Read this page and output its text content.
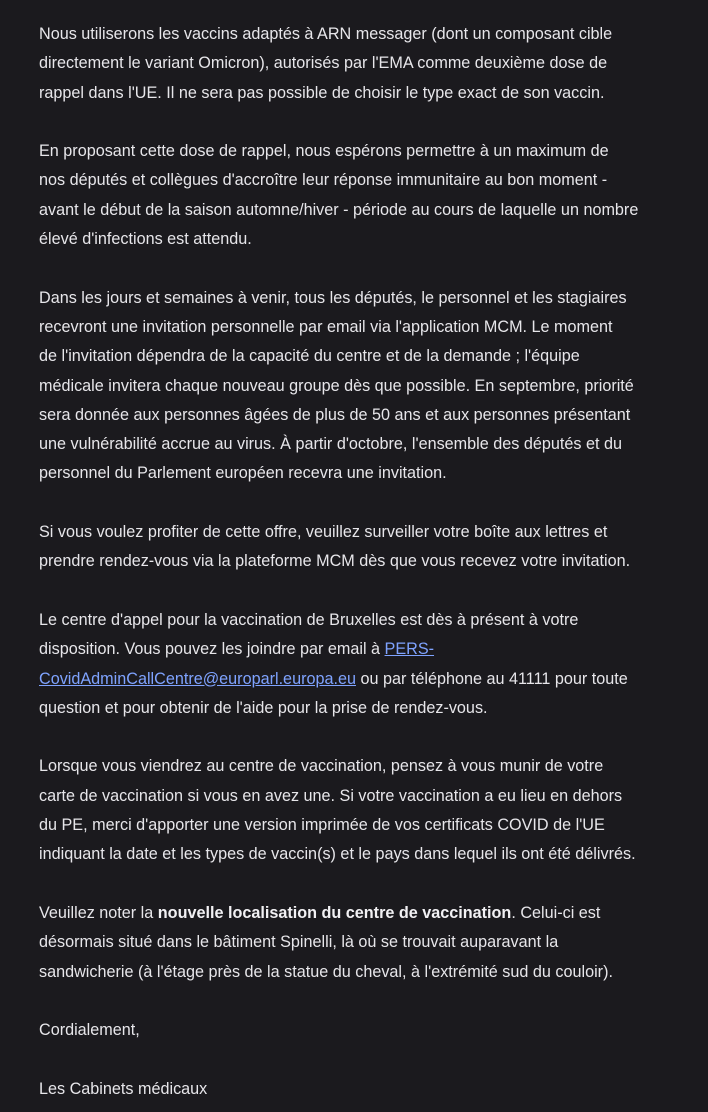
Nous utiliserons les vaccins adaptés à ARN messager (dont un composant cible
directement le variant Omicron), autorisés par l'EMA comme deuxième dose de
rappel dans l'UE. Il ne sera pas possible de choisir le type exact de son vaccin.

En proposant cette dose de rappel, nous espérons permettre à un maximum de
nos députés et collègues d'accroître leur réponse immunitaire au bon moment -
avant le début de la saison automne/hiver - période au cours de laquelle un nombre
élevé d'infections est attendu.

Dans les jours et semaines à venir, tous les députés, le personnel et les stagiaires
recevront une invitation personnelle par email via l'application MCM. Le moment
de l'invitation dépendra de la capacité du centre et de la demande ; l'équipe
médicale invitera chaque nouveau groupe dès que possible. En septembre, priorité
sera donnée aux personnes âgées de plus de 50 ans et aux personnes présentant
une vulnérabilité accrue au virus. À partir d'octobre, l'ensemble des députés et du
personnel du Parlement européen recevra une invitation.

Si vous voulez profiter de cette offre, veuillez surveiller votre boîte aux lettres et
prendre rendez-vous via la plateforme MCM dès que vous recevez votre invitation.

Le centre d'appel pour la vaccination de Bruxelles est dès à présent à votre
disposition. Vous pouvez les joindre par email à PERS-
CovidAdminCallCentre@europarl.europa.eu ou par téléphone au 41111 pour toute
question et pour obtenir de l'aide pour la prise de rendez-vous.

Lorsque vous viendrez au centre de vaccination, pensez à vous munir de votre
carte de vaccination si vous en avez une. Si votre vaccination a eu lieu en dehors
du PE, merci d'apporter une version imprimée de vos certificats COVID de l'UE
indiquant la date et les types de vaccin(s) et le pays dans lequel ils ont été délivrés.

Veuillez noter la nouvelle localisation du centre de vaccination. Celui-ci est
désormais situé dans le bâtiment Spinelli, là où se trouvait auparavant la
sandwicherie (à l'étage près de la statue du cheval, à l'extrémité sud du couloir).

Cordialement,

Les Cabinets médicaux
